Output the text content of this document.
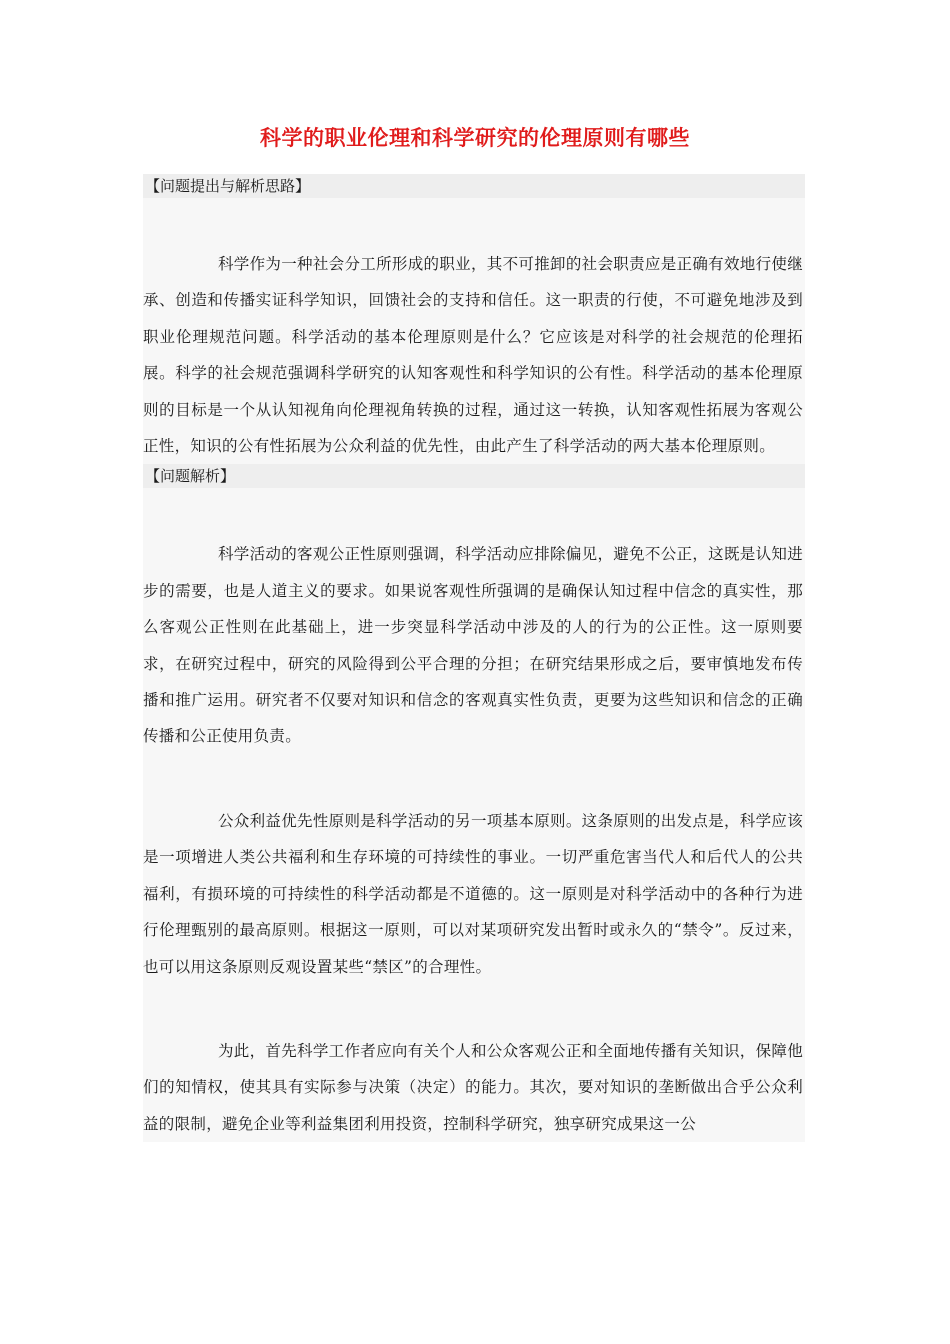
科学的职业伦理和科学研究的伦理原则有哪些
【问题提出与解析思路】

科学作为一种社会分工所形成的职业，其不可推卸的社会职责应是正确有效地行使继承、创造和传播实证科学知识，回馈社会的支持和信任。这一职责的行使，不可避免地涉及到职业伦理规范问题。科学活动的基本伦理原则是什么？它应该是对科学的社会规范的伦理拓展。科学的社会规范强调科学研究的认知客观性和科学知识的公有性。科学活动的基本伦理原则的目标是一个从认知视角向伦理视角转换的过程，通过这一转换，认知客观性拓展为客观公正性，知识的公有性拓展为公众利益的优先性，由此产生了科学活动的两大基本伦理原则。

【问题解析】

科学活动的客观公正性原则强调，科学活动应排除偏见，避免不公正，这既是认知进步的需要，也是人道主义的要求。如果说客观性所强调的是确保认知过程中信念的真实性，那么客观公正性则在此基础上，进一步突显科学活动中涉及的人的行为的公正性。这一原则要求，在研究过程中，研究的风险得到公平合理的分担；在研究结果形成之后，要审慎地发布传播和推广运用。研究者不仅要对知识和信念的客观真实性负责，更要为这些知识和信念的正确传播和公正使用负责。

公众利益优先性原则是科学活动的另一项基本原则。这条原则的出发点是，科学应该是一项增进人类公共福利和生存环境的可持续性的事业。一切严重危害当代人和后代人的公共福利，有损环境的可持续性的科学活动都是不道德的。这一原则是对科学活动中的各种行为进行伦理甄别的最高原则。根据这一原则，可以对某项研究发出暂时或永久的“禁令”。反过来，也可以用这条原则反观设置某些“禁区”的合理性。

为此，首先科学工作者应向有关个人和公众客观公正和全面地传播有关知识，保障他们的知情权，使其具有实际参与决策（决定）的能力。其次，要对知识的垄断做出合乎公众利益的限制，避免企业等利益集团利用投资，控制科学研究，独享研究成果这一公
